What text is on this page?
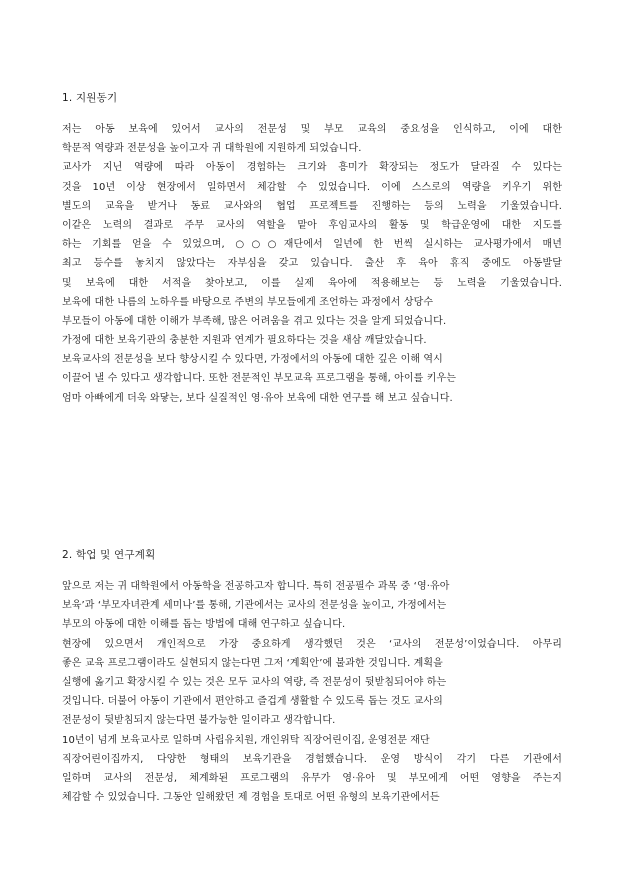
1. 지원동기
저는 아동 보육에 있어서 교사의 전문성 및 부모 교육의 중요성을 인식하고, 이에 대한
학문적 역량과 전문성을 높이고자 귀 대학원에 지원하게 되었습니다.
교사가 지닌 역량에 따라 아동이 경험하는 크기와 흥미가 확장되는 정도가 달라질 수 있다는
것을 10년 이상 현장에서 일하면서 체감할 수 있었습니다. 이에 스스로의 역량을 키우기 위한
별도의 교육을 받거나 동료 교사와의 협업 프로젝트를 진행하는 등의 노력을 기울였습니다.
이같은 노력의 결과로 주무 교사의 역할을 맡아 후임교사의 활동 및 학급운영에 대한 지도를
하는 기회를 얻을 수 있었으며, ○○○재단에서 일년에 한 번씩 실시하는 교사평가에서 매년
최고 등수를 놓치지 않았다는 자부심을 갖고 있습니다. 출산 후 육아 휴직 중에도 아동발달
및 보육에 대한 서적을 찾아보고, 이를 실제 육아에 적용해보는 등 노력을 기울였습니다.
보육에 대한 나름의 노하우를 바탕으로 주변의 부모들에게 조언하는 과정에서 상당수
부모들이 아동에 대한 이해가 부족해, 많은 어려움을 겪고 있다는 것을 알게 되었습니다.
가정에 대한 보육기관의 충분한 지원과 연계가 필요하다는 것을 새삼 깨달았습니다.
보육교사의 전문성을 보다 향상시킬 수 있다면, 가정에서의 아동에 대한 깊은 이해 역시
이끌어 낼 수 있다고 생각합니다. 또한 전문적인 부모교육 프로그램을 통해, 아이를 키우는
엄마 아빠에게 더욱 와닿는, 보다 실질적인 영·유아 보육에 대한 연구를 해 보고 싶습니다.
2. 학업 및 연구계획
앞으로 저는 귀 대학원에서 아동학을 전공하고자 합니다. 특히 전공필수 과목 중 ‘영·유아
보육’과 ‘부모자녀관계 세미나’를 통해, 기관에서는 교사의 전문성을 높이고, 가정에서는
부모의 아동에 대한 이해를 돕는 방법에 대해 연구하고 싶습니다.
현장에 있으면서 개인적으로 가장 중요하게 생각했던 것은 ‘교사의 전문성’이었습니다. 아무리
좋은 교육 프로그램이라도 실현되지 않는다면 그저 ‘계획안’에 불과한 것입니다. 계획을
실행에 옮기고 확장시킬 수 있는 것은 모두 교사의 역량, 즉 전문성이 뒷받침되어야 하는
것입니다. 더불어 아동이 기관에서 편안하고 즐겁게 생활할 수 있도록 돕는 것도 교사의
전문성이 뒷받침되지 않는다면 불가능한 일이라고 생각합니다.
10년이 넘게 보육교사로 일하며 사립유치원, 개인위탁 직장어린이집, 운영전문 재단
직장어린이집까지, 다양한 형태의 보육기관을 경험했습니다. 운영 방식이 각기 다른 기관에서
일하며 교사의 전문성, 체계화된 프로그램의 유무가 영·유아 및 부모에게 어떤 영향을 주는지
체감할 수 있었습니다. 그동안 일해왔던 제 경험을 토대로 어떤 유형의 보육기관에서든
